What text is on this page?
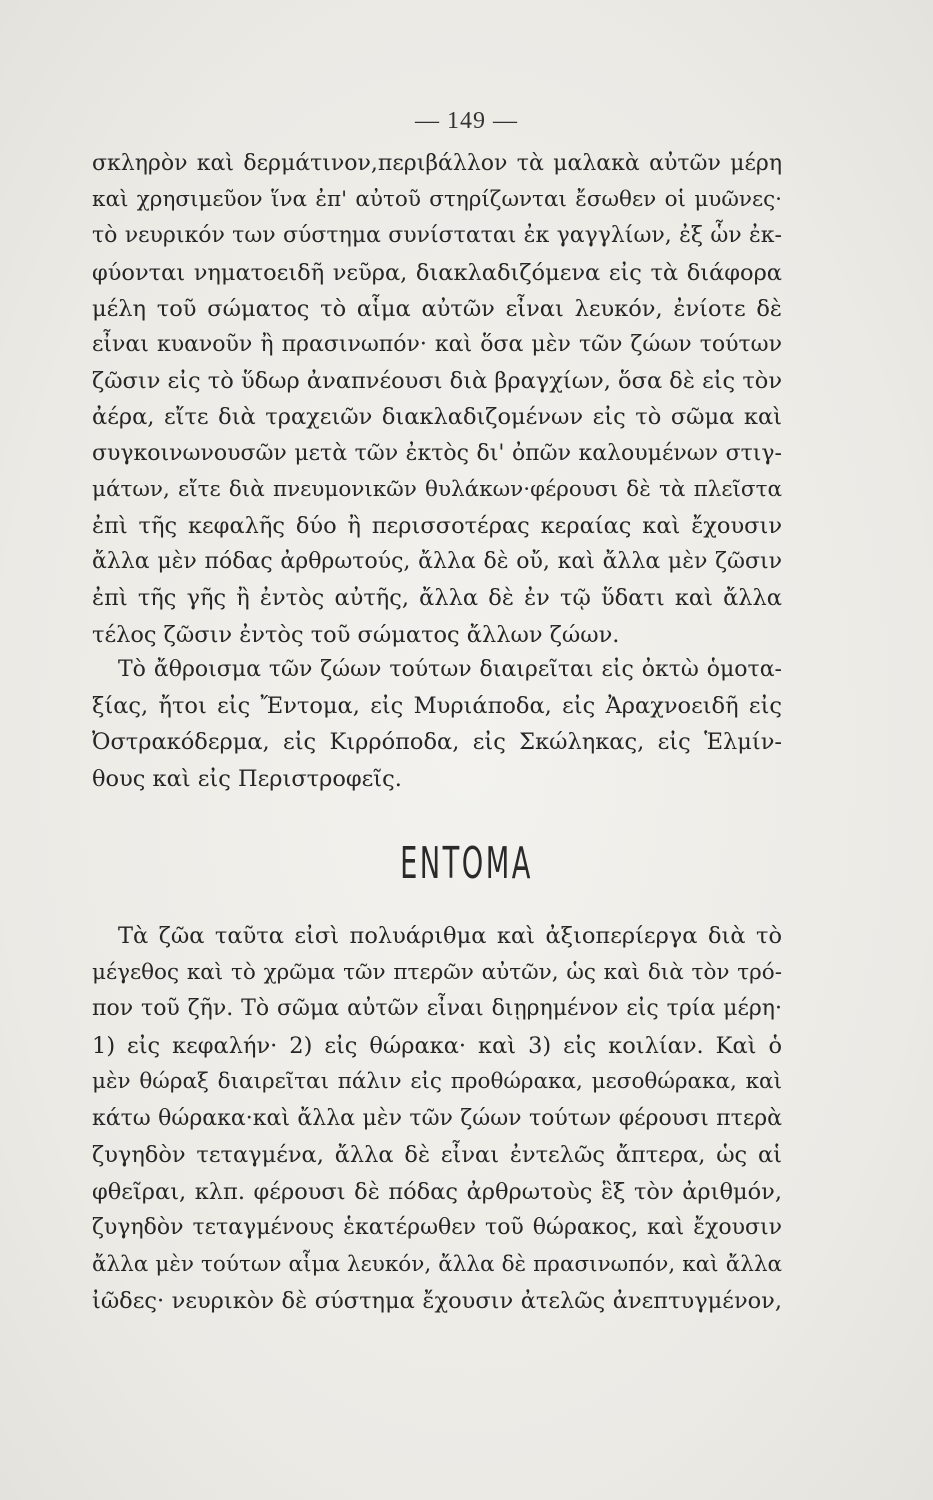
— 149 —
σκληρὸν καὶ δερμάτινον,περιβάλλον τὰ μαλακὰ αὐτῶν μέρη
καὶ χρησιμεῦον ἵνα ἐπ' αὐτοῦ στηρίζωνται ἔσωθεν οἱ μυῶνες·
τὸ νευρικόν των σύστημα συνίσταται ἐκ γαγγλίων, ἐξ ὧν ἐκ-
φύονται νηματοειδῆ νεῦρα, διακλαδιζόμενα εἰς τὰ διάφορα
μέλη τοῦ σώματος τὸ αἷμα αὐτῶν εἶναι λευκόν, ἐνίοτε δὲ
εἶναι κυανοῦν ἢ πρασινωπόν· καὶ ὅσα μὲν τῶν ζώων τούτων
ζῶσιν εἰς τὸ ὕδωρ ἀναπνέουσι διὰ βραγχίων, ὅσα δὲ εἰς τὸν
ἀέρα, εἴτε διὰ τραχειῶν διακλαδιζομένων εἰς τὸ σῶμα καὶ
συγκοινωνουσῶν μετὰ τῶν ἐκτὸς δι' ὀπῶν καλουμένων στιγ-
μάτων, εἴτε διὰ πνευμονικῶν θυλάκων·φέρουσι δὲ τὰ πλεῖστα
ἐπὶ τῆς κεφαλῆς δύο ἢ περισσοτέρας κεραίας καὶ ἔχουσιν
ἄλλα μὲν πόδας ἀρθρωτούς, ἄλλα δὲ οὔ, καὶ ἄλλα μὲν ζῶσιν
ἐπὶ τῆς γῆς ἢ ἐντὸς αὐτῆς, ἄλλα δὲ ἐν τῷ ὕδατι καὶ ἄλλα
τέλος ζῶσιν ἐντὸς τοῦ σώματος ἄλλων ζώων.
Τὸ ἄθροισμα τῶν ζώων τούτων διαιρεῖται εἰς ὀκτὼ ὁμοτα-
ξίας, ἤτοι εἰς Ἔντομα, εἰς Μυριάποδα, εἰς Ἀραχνοειδῆ εἰς
Ὀστρακόδερμα, εἰς Κιρρόποδα, εἰς Σκώληκας, εἰς Ἑλμίν-
θους καὶ εἰς Περιστροφεῖς.
ΕΝΤΟΜΑ
Τὰ ζῶα ταῦτα εἰσὶ πολυάριθμα καὶ ἀξιοπερίεργα διὰ τὸ
μέγεθος καὶ τὸ χρῶμα τῶν πτερῶν αὐτῶν, ὡς καὶ διὰ τὸν τρό-
πον τοῦ ζῆν. Τὸ σῶμα αὐτῶν εἶναι διῃρημένον εἰς τρία μέρη·
1) εἰς κεφαλήν· 2) εἰς θώρακα· καὶ 3) εἰς κοιλίαν. Καὶ ὁ
μὲν θώραξ διαιρεῖται πάλιν εἰς προθώρακα, μεσοθώρακα, καὶ
κάτω θώρακα·καὶ ἄλλα μὲν τῶν ζώων τούτων φέρουσι πτερὰ
ζυγηδὸν τεταγμένα, ἄλλα δὲ εἶναι ἐντελῶς ἄπτερα, ὡς αἱ
φθεῖραι, κλπ. φέρουσι δὲ πόδας ἀρθρωτοὺς ἓξ τὸν ἀριθμόν,
ζυγηδὸν τεταγμένους ἑκατέρωθεν τοῦ θώρακος, καὶ ἔχουσιν
ἄλλα μὲν τούτων αἷμα λευκόν, ἄλλα δὲ πρασινωπόν, καὶ ἄλλα
ἰῶδες· νευρικὸν δὲ σύστημα ἔχουσιν ἀτελῶς ἀνεπτυγμένον,
